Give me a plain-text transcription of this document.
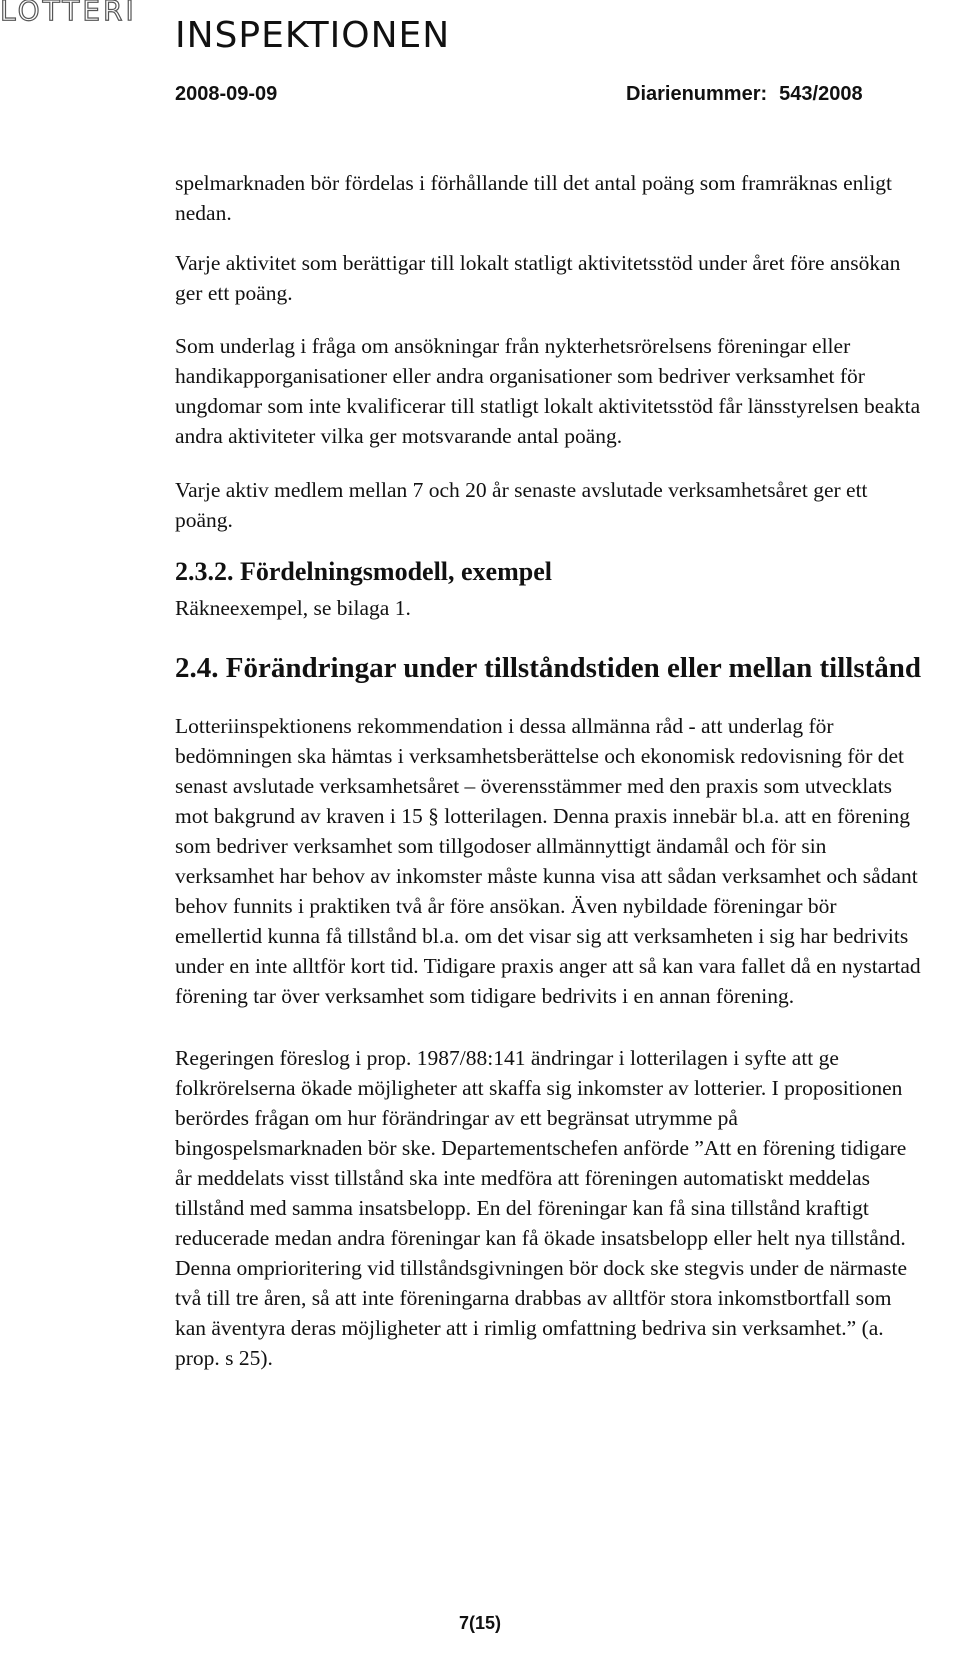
LOTTERI
INSPEKTIONEN
2008-09-09	Diarienummer: 543/2008

spelmarknaden bör fördelas i förhållande till det antal poäng som framräknas enligt nedan.

Varje aktivitet som berättigar till lokalt statligt aktivitetsstöd under året före ansökan ger ett poäng.

Som underlag i fråga om ansökningar från nykterhetsrörelsens föreningar eller handikapporganisationer eller andra organisationer som bedriver verksamhet för ungdomar som inte kvalificerar till statligt lokalt aktivitetsstöd får länsstyrelsen beakta andra aktiviteter vilka ger motsvarande antal poäng.

Varje aktiv medlem mellan 7 och 20 år senaste avslutade verksamhetsåret ger ett poäng.

2.3.2. Fördelningsmodell, exempel

Räkneexempel, se bilaga 1.

2.4. Förändringar under tillståndstiden eller mellan tillstånd

Lotteriinspektionens rekommendation i dessa allmänna råd - att underlag för bedömningen ska hämtas i verksamhetsberättelse och ekonomisk redovisning för det senast avslutade verksamhetsåret – överensstämmer med den praxis som utvecklats mot bakgrund av kraven i 15 § lotterilagen. Denna praxis innebär bl.a. att en förening som bedriver verksamhet som tillgodoser allmännyttigt ändamål och för sin verksamhet har behov av inkomster måste kunna visa att sådan verksamhet och sådant behov funnits i praktiken två år före ansökan. Även nybildade föreningar bör emellertid kunna få tillstånd bl.a. om det visar sig att verksamheten i sig har bedrivits under en inte alltför kort tid. Tidigare praxis anger att så kan vara fallet då en nystartad förening tar över verksamhet som tidigare bedrivits i en annan förening.

Regeringen föreslog i prop. 1987/88:141 ändringar i lotterilagen i syfte att ge folkrörelserna ökade möjligheter att skaffa sig inkomster av lotterier. I propositionen berördes frågan om hur förändringar av ett begränsat utrymme på bingospelsmarknaden bör ske. Departementschefen anförde ”Att en förening tidigare år meddelats visst tillstånd ska inte medföra att föreningen automatiskt meddelas tillstånd med samma insatsbelopp. En del föreningar kan få sina tillstånd kraftigt reducerade medan andra föreningar kan få ökade insatsbelopp eller helt nya tillstånd. Denna omprioritering vid tillståndsgivningen bör dock ske stegvis under de närmaste två till tre åren, så att inte föreningarna drabbas av alltför stora inkomstbortfall som kan äventyra deras möjligheter att i rimlig omfattning bedriva sin verksamhet.” (a. prop. s 25).

7(15)
